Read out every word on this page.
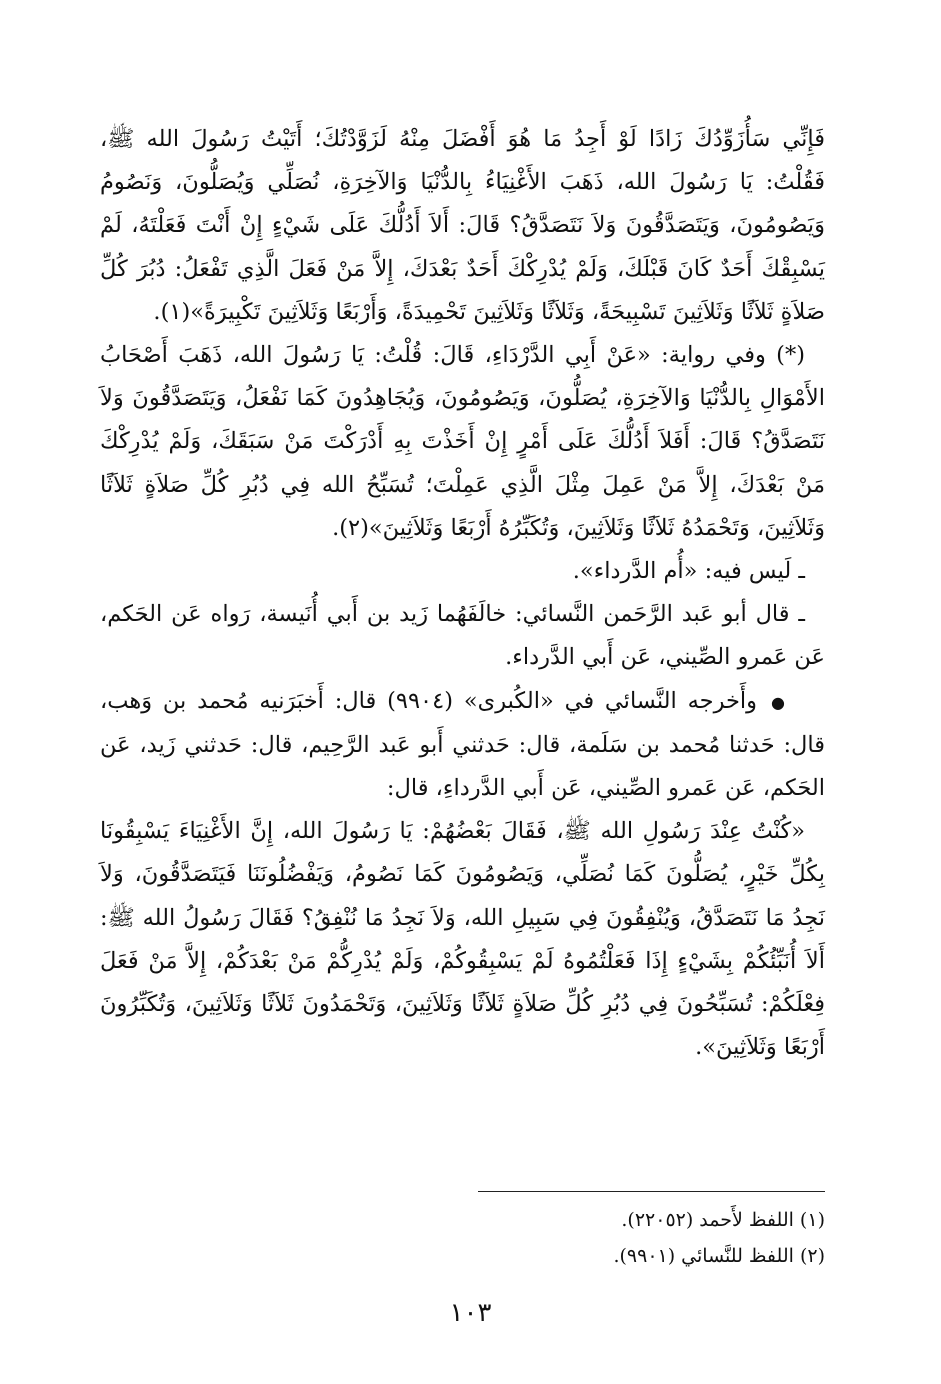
فَإِنِّي سَأُزَوِّدُكَ زَادًا لَوْ أَجِدُ مَا هُوَ أَفْضَلَ مِنْهُ لَزَوَّدْتُكَ؛ أَتَيْتُ رَسُولَ الله ﷺ، فَقُلْتُ: يَا رَسُولَ الله، ذَهَبَ الأَغْنِيَاءُ بِالدُّنْيَا وَالآخِرَةِ، نُصَلِّي وَيُصَلُّونَ، وَنَصُومُ وَيَصُومُونَ، وَيَتَصَدَّقُونَ وَلاَ نَتَصَدَّقُ؟ قَالَ: أَلاَ أَدُلُّكَ عَلَى شَيْءٍ إِنْ أَنْتَ فَعَلْتَهُ، لَمْ يَسْبِقْكَ أَحَدٌ كَانَ قَبْلَكَ، وَلَمْ يُدْرِكْكَ أَحَدٌ بَعْدَكَ، إِلاَّ مَنْ فَعَلَ الَّذِي تَفْعَلُ: دُبُرَ كُلِّ صَلاَةٍ ثَلاَثًا وَثَلاَثِينَ تَسْبِيحَةً، وَثَلاَثًا وَثَلاَثِينَ تَحْمِيدَةً، وَأَرْبَعًا وَثَلاَثِينَ تَكْبِيرَةً»(١).

(*) وفي رواية: «عَنْ أَبِي الدَّرْدَاءِ، قَالَ: قُلْتُ: يَا رَسُولَ الله، ذَهَبَ أَصْحَابُ الأَمْوَالِ بِالدُّنْيَا وَالآخِرَةِ، يُصَلُّونَ، وَيَصُومُونَ، وَيُجَاهِدُونَ كَمَا نَفْعَلُ، وَيَتَصَدَّقُونَ وَلاَ نَتَصَدَّقُ؟ قَالَ: أَفَلاَ أَدُلُّكَ عَلَى أَمْرٍ إِنْ أَخَذْتَ بِهِ أَدْرَكْتَ مَنْ سَبَقَكَ، وَلَمْ يُدْرِكْكَ مَنْ بَعْدَكَ، إِلاَّ مَنْ عَمِلَ مِثْلَ الَّذِي عَمِلْتَ؛ تُسَبِّحُ الله فِي دُبُرِ كُلِّ صَلاَةٍ ثَلاَثًا وَثَلاَثِينَ، وَتَحْمَدُهُ ثَلاَثًا وَثَلاَثِينَ، وَتُكَبِّرُهُ أَرْبَعًا وَثَلاَثِينَ»(٢).

ـ لَيس فيه: «أُم الدَّرداء».

ـ قال أبو عَبد الرَّحَمن النَّسائي: خالَفَهُما زَيد بن أَبي أُنَيسة، رَواه عَن الحَكم، عَن عَمرو الصِّيني، عَن أَبي الدَّرداء.

●وأَخرجه النَّسائي في «الكُبرى» (٩٩٠٤) قال: أَخبَرَنيه مُحمد بن وَهب، قال: حَدثنا مُحمد بن سَلَمة، قال: حَدثني أَبو عَبد الرَّحِيم، قال: حَدثني زَيد، عَن الحَكم، عَن عَمرو الصِّيني، عَن أَبي الدَّرداءِ، قال:

«كُنْتُ عِنْدَ رَسُولِ الله ﷺ، فَقَالَ بَعْضُهُمْ: يَا رَسُولَ الله، إِنَّ الأَغْنِيَاءَ يَسْبِقُونَا بِكُلِّ خَيْرٍ، يُصَلُّونَ كَمَا نُصَلِّي، وَيَصُومُونَ كَمَا نَصُومُ، وَيَفْضُلُونَنَا فَيَتَصَدَّقُونَ، وَلاَ نَجِدُ مَا نَتَصَدَّقُ، وَيُنْفِقُونَ فِي سَبِيلِ الله، وَلاَ نَجِدُ مَا نُنْفِقُ؟ فَقَالَ رَسُولُ الله ﷺ: أَلاَ أُنَبِّئُكُمْ بِشَيْءٍ إِذَا فَعَلْتُمُوهُ لَمْ يَسْبِقُوكُمْ، وَلَمْ يُدْرِكُّمْ مَنْ بَعْدَكُمْ، إِلاَّ مَنْ فَعَلَ فِعْلَكُمْ: تُسَبِّحُونَ فِي دُبُرِ كُلِّ صَلاَةٍ ثَلاَثًا وَثَلاَثِينَ، وَتَحْمَدُونَ ثَلاَثًا وَثَلاَثِينَ، وَتُكَبِّرُونَ أَرْبَعًا وَثَلاَثِينَ».

(١) اللفظ لأَحمد (٢٢٠٥٢).

(٢) اللفظ للنَّسائي (٩٩٠١).

١٠٣
